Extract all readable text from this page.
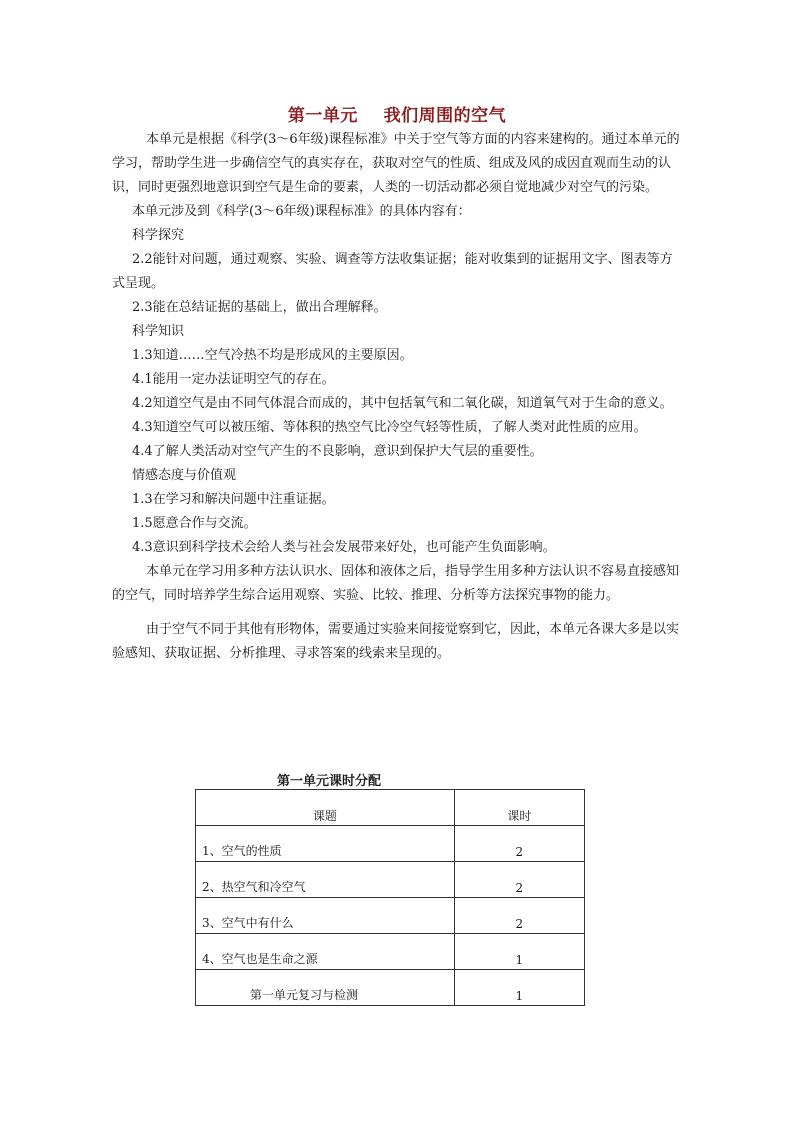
第一单元    我们周围的空气

本单元是根据《科学(3～6年级)课程标准》中关于空气等方面的内容来建构的。通过本单元的学习，帮助学生进一步确信空气的真实存在，获取对空气的性质、组成及风的成因直观而生动的认识，同时更强烈地意识到空气是生命的要素，人类的一切活动都必须自觉地减少对空气的污染。

本单元涉及到《科学(3～6年级)课程标准》的具体内容有：

科学探究

2.2能针对问题，通过观察、实验、调查等方法收集证据；能对收集到的证据用文字、图表等方式呈现。

2.3能在总结证据的基础上，做出合理解释。

科学知识

1.3知道……空气冷热不均是形成风的主要原因。

4.1能用一定办法证明空气的存在。

4.2知道空气是由不同气体混合而成的，其中包括氧气和二氧化碳，知道氧气对于生命的意义。

4.3知道空气可以被压缩、等体积的热空气比冷空气轻等性质，了解人类对此性质的应用。

4.4了解人类活动对空气产生的不良影响，意识到保护大气层的重要性。

情感态度与价值观

1.3在学习和解决问题中注重证据。

1.5愿意合作与交流。

4.3意识到科学技术会给人类与社会发展带来好处，也可能产生负面影响。

本单元在学习用多种方法认识水、固体和液体之后，指导学生用多种方法认识不容易直接感知的空气，同时培养学生综合运用观察、实验、比较、推理、分析等方法探究事物的能力。

由于空气不同于其他有形物体，需要通过实验来间接觉察到它，因此，本单元各课大多是以实验感知、获取证据、分析推理、寻求答案的线索来呈现的。

第一单元课时分配
课题	课时
1、空气的性质	2
2、热空气和冷空气	2
3、空气中有什么	2
4、空气也是生命之源	1
第一单元复习与检测	1
